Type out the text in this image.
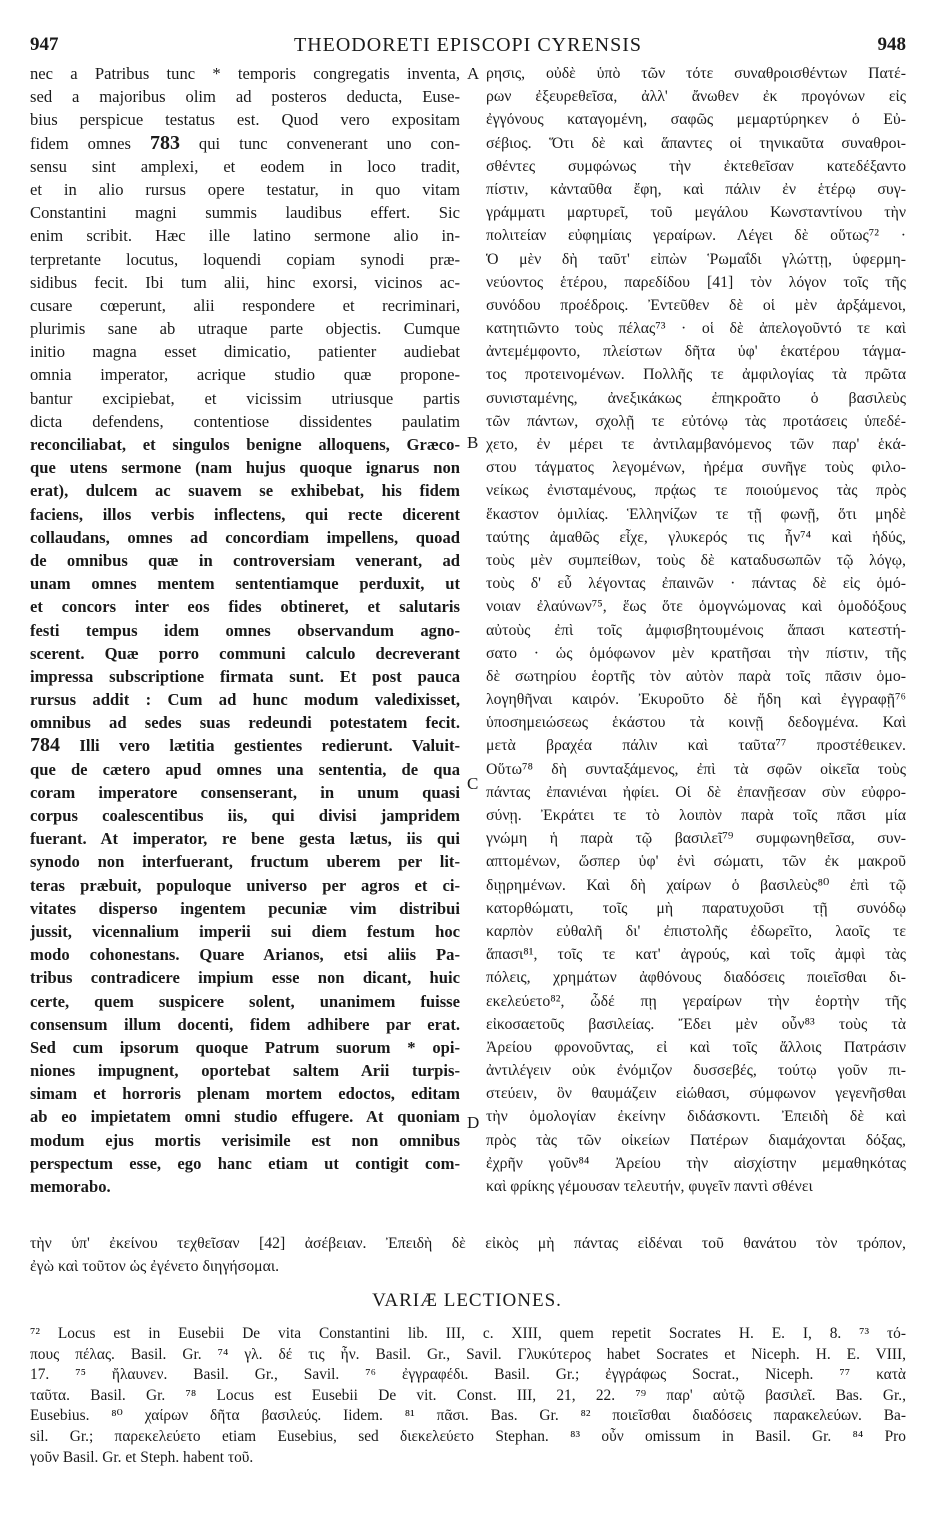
947	THEODORETI EPISCOPI CYRENSIS	948
nec a Patribus tunc * temporis congregatis inventa,
sed a majoribus olim ad posteros deducta, Euse-
bius perspicue testatus est. Quod vero expositam
fidem omnes 783 qui tunc convenerant uno con-
sensu sint amplexi, et eodem in loco tradit,
et in alio rursus opere testatur, in quo vitam
Constantini magni summis laudibus effert. Sic
enim scribit. Hæc ille latino sermone alio in-
terpretante locutus, loquendi copiam synodi præ-
sidibus fecit. Ibi tum alii, hinc exorsi, vicinos ac-
cusare cœperunt, alii respondere et recriminari,
plurimis sane ab utraque parte objectis. Cumque
initio magna esset dimicatio, patienter audiebat
omnia imperator, acrique studio quæ propone-
bantur excipiebat, et vicissim utriusque partis
dicta defendens, contentiose dissidentes paulatim
reconciliabat, et singulos benigne alloquens, Græco-
que utens sermone (nam hujus quoque ignarus non
erat), dulcem ac suavem se exhibebat, his fidem
faciens, illos verbis inflectens, qui recte dicerent
collaudans, omnes ad concordiam impellens, quoad
de omnibus quæ in controversiam venerant, ad
unam omnes mentem sententiamque perduxit, ut
et concors inter eos fides obtineret, et salutaris
festi tempus idem omnes observandum agno-
scerent. Quæ porro communi calculo decreverant
impressa subscriptione firmata sunt. Et post pauca
rursus addit : Cum ad hunc modum valedixisset,
omnibus ad sedes suas redeundi potestatem fecit.
784 Illi vero lætitia gestientes redierunt. Valuit-
que de cætero apud omnes una sententia, de qua
coram imperatore consenserant, in unum quasi
corpus coalescentibus iis, qui divisi jampridem
fuerant. At imperator, re bene gesta lætus, iis qui
synodo non interfuerant, fructum uberem per lit-
teras præbuit, populoque universo per agros et ci-
vitates disperso ingentem pecuniæ vim distribui
jussit, vicennalium imperii sui diem festum hoc
modo cohonestans. Quare Arianos, etsi aliis Pa-
tribus contradicere impium esse non dicant, huic
certe, quem suspicere solent, unanimem fuisse
consensum illum docenti, fidem adhibere par erat.
Sed cum ipsorum quoque Patrum suorum * opi-
niones impugnent, oportebat saltem Arii turpis-
simam et horroris plenam mortem edoctos, editam
ab eo impietatem omni studio effugere. At quoniam
modum ejus mortis verisimile est non omnibus
perspectum esse, ego hanc etiam ut contigit com-
memorabo.
ρησις, οὐδὲ ὑπὸ τῶν τότε συναθροισθέντων Πατέ-
ρων ἐξευρεθεῖσα, ἀλλ' ἄνωθεν ἐκ προγόνων εἰς
ἐγγόνους καταγομένη, σαφῶς μεμαρτύρηκεν ὁ Εὐ-
σέβιος. Ὅτι δὲ καὶ ἅπαντες οἱ τηνικαῦτα συναθροι-
σθέντες συμφώνως τὴν ἐκτεθεῖσαν κατεδέξαντο
πίστιν, κἀνταῦθα ἔφη, καὶ πάλιν ἐν ἑτέρῳ συγ-
γράμματι μαρτυρεῖ, τοῦ μεγάλου Κωνσταντίνου τὴν
πολιτείαν εὐφημίαις γεραίρων. Λέγει δὲ οὕτως⁷² ·
Ὁ μὲν δὴ ταῦτ' εἰπὼν Ῥωμαΐδι γλώττῃ, ὑφερμη-
νεύοντος ἑτέρου, παρεδίδου [41] τὸν λόγον τοῖς τῆς
συνόδου προέδροις. Ἐντεῦθεν δὲ οἱ μὲν ἀρξάμενοι,
κατητιῶντο τοὺς πέλας⁷³ · οἱ δὲ ἀπελογοῦντό τε καὶ
ἀντεμέμφοντο, πλείστων δῆτα ὑφ' ἑκατέρου τάγμα-
τος προτεινομένων. Πολλῆς τε ἀμφιλογίας τὰ πρῶτα
συνισταμένης, ἀνεξικάκως ἐπηκροᾶτο ὁ βασιλεὺς
τῶν πάντων, σχολῇ τε εὐτόνῳ τὰς προτάσεις ὑπεδέ-
χετο, ἐν μέρει τε ἀντιλαμβανόμενος τῶν παρ' ἑκά-
στου τάγματος λεγομένων, ἠρέμα συνῆγε τοὺς φιλο-
νείκως ἐνισταμένους, πρᾴως τε ποιούμενος τὰς πρὸς
ἕκαστον ὁμιλίας. Ἑλληνίζων τε τῇ φωνῇ, ὅτι μηδὲ
ταύτης ἀμαθῶς εἶχε, γλυκερός τις ἦν⁷⁴ καὶ ἡδύς,
τοὺς μὲν συμπείθων, τοὺς δὲ καταδυσωπῶν τῷ λόγῳ,
τοὺς δ' εὖ λέγοντας ἐπαινῶν · πάντας δὲ εἰς ὁμό-
νοιαν ἐλαύνων⁷⁵, ἕως ὅτε ὁμογνώμονας καὶ ὁμοδόξους
αὐτοὺς ἐπὶ τοῖς ἀμφισβητουμένοις ἅπασι κατεστή-
σατο · ὡς ὁμόφωνον μὲν κρατῆσαι τὴν πίστιν, τῆς
δὲ σωτηρίου ἑορτῆς τὸν αὐτὸν παρὰ τοῖς πᾶσιν ὁμο-
λογηθῆναι καιρόν. Ἐκυροῦτο δὲ ἤδη καὶ ἐγγραφῇ⁷⁶
ὑποσημειώσεως ἑκάστου τὰ κοινῇ δεδογμένα. Καὶ
μετὰ βραχέα πάλιν καὶ ταῦτα⁷⁷ προστέθεικεν.
Οὕτω⁷⁸ δὴ συνταξάμενος, ἐπὶ τὰ σφῶν οἰκεῖα τοὺς
πάντας ἐπανιέναι ἠφίει. Οἱ δὲ ἐπανῇεσαν σὺν εὐφρο-
σύνῃ. Ἐκράτει τε τὸ λοιπὸν παρὰ τοῖς πᾶσι μία
γνώμη ἡ παρὰ τῷ βασιλεῖ⁷⁹ συμφωνηθεῖσα, συν-
απτομένων, ὥσπερ ὑφ' ἑνὶ σώματι, τῶν ἐκ μακροῦ
διῃρημένων. Καὶ δὴ χαίρων ὁ βασιλεὺς⁸⁰ ἐπὶ τῷ
κατορθώματι, τοῖς μὴ παρατυχοῦσι τῇ συνόδῳ
καρπὸν εὐθαλῆ δι' ἐπιστολῆς ἐδωρεῖτο, λαοῖς τε
ἅπασι⁸¹, τοῖς τε κατ' ἀγρούς, καὶ τοῖς ἀμφὶ τὰς
πόλεις, χρημάτων ἀφθόνους διαδόσεις ποιεῖσθαι δι-
εκελεύετο⁸², ὧδέ πῃ γεραίρων τὴν ἑορτὴν τῆς
εἰκοσαετοῦς βασιλείας. Ἔδει μὲν οὖν⁸³ τοὺς τὰ
Ἀρείου φρονοῦντας, εἰ καὶ τοῖς ἄλλοις Πατράσιν
ἀντιλέγειν οὐκ ἐνόμιζον δυσσεβές, τούτῳ γοῦν πι-
στεύειν, ὃν θαυμάζειν εἰώθασι, σύμφωνον γεγενῆσθαι
τὴν ὁμολογίαν ἐκείνην διδάσκοντι. Ἐπειδὴ δὲ καὶ
πρὸς τὰς τῶν οἰκείων Πατέρων διαμάχονται δόξας,
ἐχρῆν γοῦν⁸⁴ Ἀρείου τὴν αἰσχίστην μεμαθηκότας
καὶ φρίκης γέμουσαν τελευτήν, φυγεῖν παντὶ σθένει
A
B
C
D
τὴν ὑπ' ἐκείνου τεχθεῖσαν [42] ἀσέβειαν. Ἐπειδὴ δὲ εἰκὸς μὴ πάντας εἰδέναι τοῦ θανάτου τὸν τρόπον,
ἐγὼ καὶ τοῦτον ὡς ἐγένετο διηγήσομαι.
VARIÆ LECTIONES.
⁷² Locus est in Eusebii De vita Constantini lib. III, c. XIII, quem repetit Socrates H. E. I, 8. ⁷³ τό-
πους πέλας. Basil. Gr. ⁷⁴ γλ. δέ τις ἦν. Basil. Gr., Savil. Γλυκύτερος habet Socrates et Niceph. H. E. VIII,
17. ⁷⁵ ἤλαυνεν. Basil. Gr., Savil. ⁷⁶ ἐγγραφέδι. Basil. Gr.; ἐγγράφως Socrat., Niceph. ⁷⁷ κατὰ
ταῦτα. Basil. Gr. ⁷⁸ Locus est Eusebii De vit. Const. III, 21, 22. ⁷⁹ παρ' αὐτῷ βασιλεῖ. Bas. Gr.,
Eusebius. ⁸⁰ χαίρων δῆτα βασιλεύς. Iidem. ⁸¹ πᾶσι. Bas. Gr. ⁸² ποιεῖσθαι διαδόσεις παρακελεύων. Ba-
sil. Gr.; παρεκελεύετο etiam Eusebius, sed διεκελεύετο Stephan. ⁸³ οὖν omissum in Basil. Gr. ⁸⁴ Pro
γοῦν Basil. Gr. et Steph. habent τοῦ.
